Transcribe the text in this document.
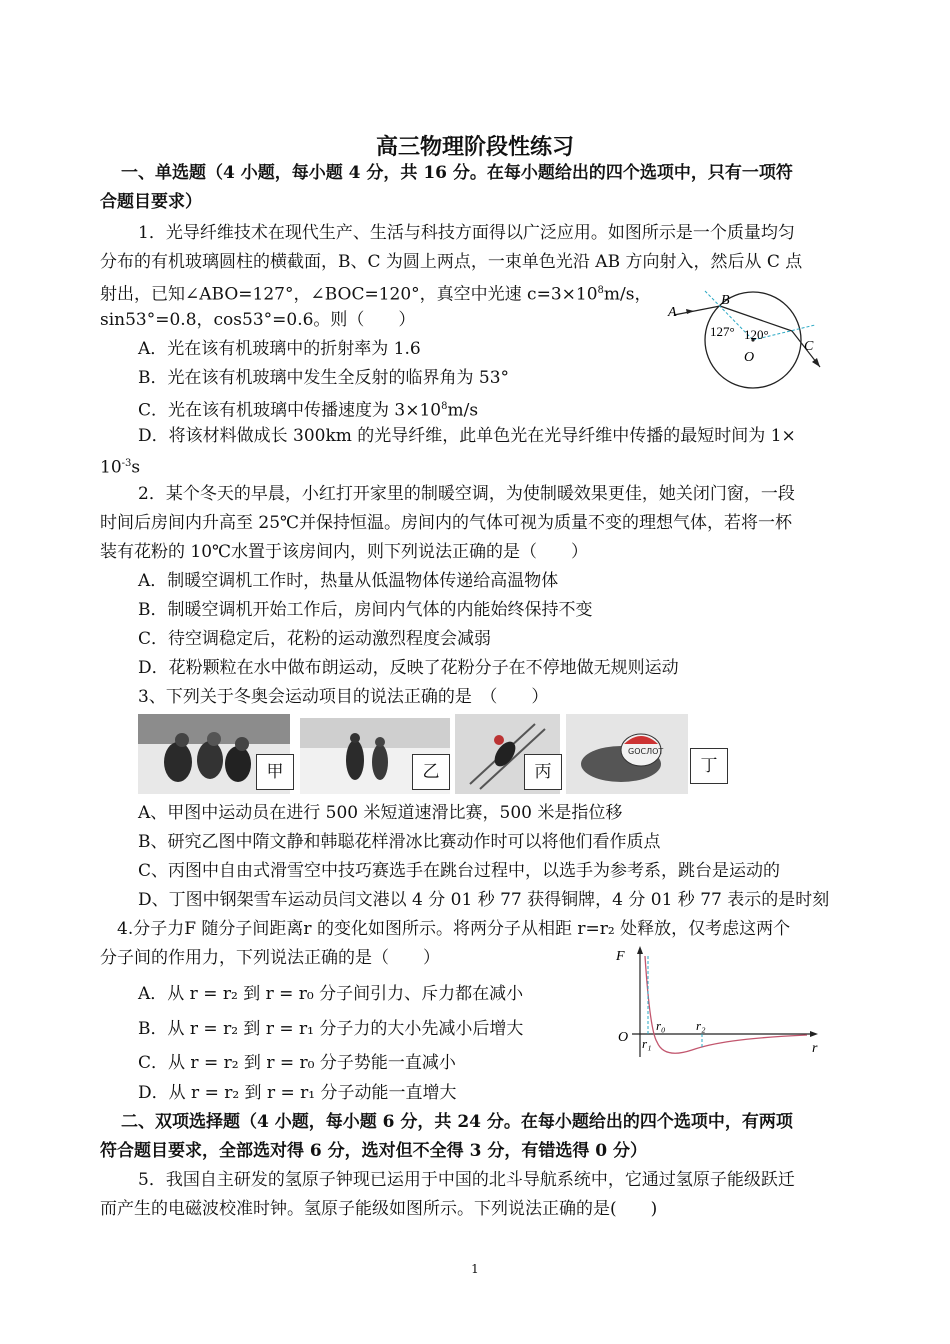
高三物理阶段性练习
一、单选题（4 小题，每小题 4 分，共 16 分。在每小题给出的四个选项中，只有一项符
合题目要求）
1．光导纤维技术在现代生产、生活与科技方面得以广泛应用。如图所示是一个质量均匀
分布的有机玻璃圆柱的横截面，B、C 为圆上两点，一束单色光沿 AB 方向射入，然后从 C 点
射出，已知∠ABO=127°，∠BOC=120°，真空中光速 $c=3\times 10^8m/s$，
sin53°=0.8，cos53°=0.6。则（　　）
A．光在该有机玻璃中的折射率为 1.6
B．光在该有机玻璃中发生全反射的临界角为 53°
C．光在该有机玻璃中传播速度为 $3\times 10^8m/s$
D．将该材料做成长 300km 的光导纤维，此单色光在光导纤维中传播的最短时间为 1×
$10^{-3}s$
A
B
C
O
127° 120°
2．某个冬天的早晨，小红打开家里的制暖空调，为使制暖效果更佳，她关闭门窗，一段
时间后房间内升高至 25℃并保持恒温。房间内的气体可视为质量不变的理想气体，若将一杯
装有花粉的 10℃水置于该房间内，则下列说法正确的是（　　）
A．制暖空调机工作时，热量从低温物体传递给高温物体
B．制暖空调机开始工作后，房间内气体的内能始终保持不变
C．待空调稳定后，花粉的运动激烈程度会减弱
D．花粉颗粒在水中做布朗运动，反映了花粉分子在不停地做无规则运动
3、下列关于冬奥会运动项目的说法正确的是　（　　）
甲	乙	丙
GOCЛОТ
丁
A、甲图中运动员在进行 500 米短道速滑比赛，500 米是指位移
B、研究乙图中隋文静和韩聪花样滑冰比赛动作时可以将他们看作质点
C、丙图中自由式滑雪空中技巧赛选手在跳台过程中，以选手为参考系，跳台是运动的
D、丁图中钢架雪车运动员闫文港以 4 分 01 秒 77 获得铜牌，4 分 01 秒 77 表示的是时刻
4.分子力F 随分子间距离r 的变化如图所示。将两分子从相距 r=r₂ 处释放，仅考虑这两个
分子间的作用力，下列说法正确的是（　　）
A．从 r = r₂ 到 r = r₀ 分子间引力、斥力都在减小
B．从 r = r₂ 到 r = r₁ 分子力的大小先减小后增大
C．从 r = r₂ 到 r = r₀ 分子势能一直减小
D．从 r = r₂ 到 r = r₁ 分子动能一直增大
F
O
r
r₀
r₁
r₂
二、双项选择题（4 小题，每小题 6 分，共 24 分。在每小题给出的四个选项中，有两项
符合题目要求，全部选对得 6 分，选对但不全得 3 分，有错选得 0 分）
5．我国自主研发的氢原子钟现已运用于中国的北斗导航系统中，它通过氢原子能级跃迁
而产生的电磁波校准时钟。氢原子能级如图所示。下列说法正确的是(　　)
1
